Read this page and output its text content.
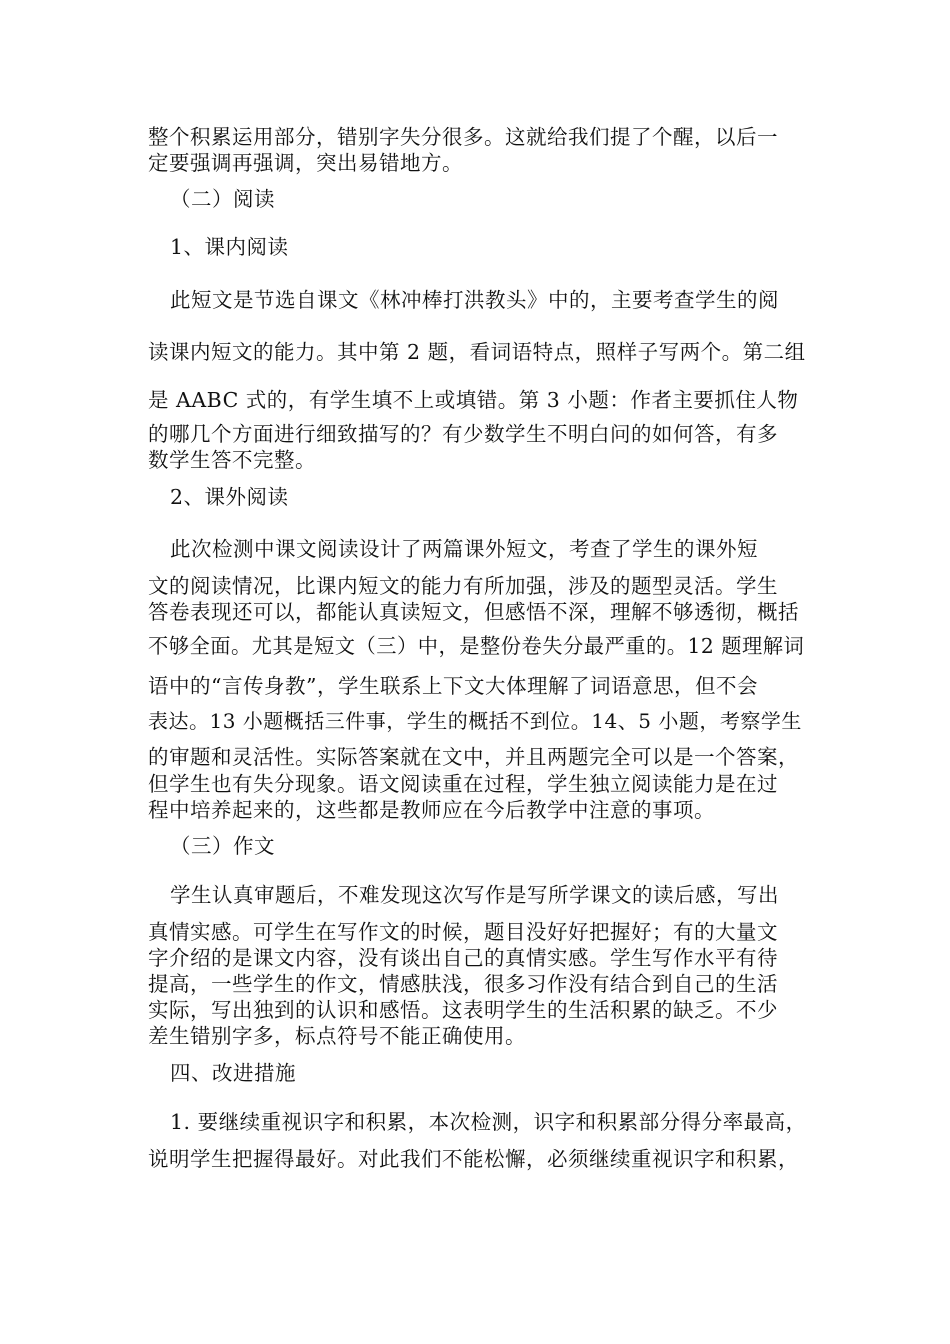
整个积累运用部分，错别字失分很多。这就给我们提了个醒，以后一
定要强调再强调，突出易错地方。
（二）阅读
1、课内阅读
此短文是节选自课文《林冲棒打洪教头》中的，主要考查学生的阅
读课内短文的能力。其中第 2 题，看词语特点，照样子写两个。第二组
是 AABC 式的，有学生填不上或填错。第 3 小题：作者主要抓住人物
的哪几个方面进行细致描写的？有少数学生不明白问的如何答，有多
数学生答不完整。
2、课外阅读
此次检测中课文阅读设计了两篇课外短文，考查了学生的课外短
文的阅读情况，比课内短文的能力有所加强，涉及的题型灵活。学生
答卷表现还可以，都能认真读短文，但感悟不深，理解不够透彻，概括
不够全面。尤其是短文（三）中，是整份卷失分最严重的。12 题理解词
语中的“言传身教”，学生联系上下文大体理解了词语意思，但不会
表达。13 小题概括三件事，学生的概括不到位。14、5 小题，考察学生
的审题和灵活性。实际答案就在文中，并且两题完全可以是一个答案，
但学生也有失分现象。语文阅读重在过程，学生独立阅读能力是在过
程中培养起来的，这些都是教师应在今后教学中注意的事项。
（三）作文
学生认真审题后，不难发现这次写作是写所学课文的读后感，写出
真情实感。可学生在写作文的时候，题目没好好把握好；有的大量文
字介绍的是课文内容，没有谈出自己的真情实感。学生写作水平有待
提高，一些学生的作文，情感肤浅，很多习作没有结合到自己的生活
实际，写出独到的认识和感悟。这表明学生的生活积累的缺乏。不少
差生错别字多，标点符号不能正确使用。
四、改进措施
1. 要继续重视识字和积累，本次检测，识字和积累部分得分率最高，
说明学生把握得最好。对此我们不能松懈，必须继续重视识字和积累，
